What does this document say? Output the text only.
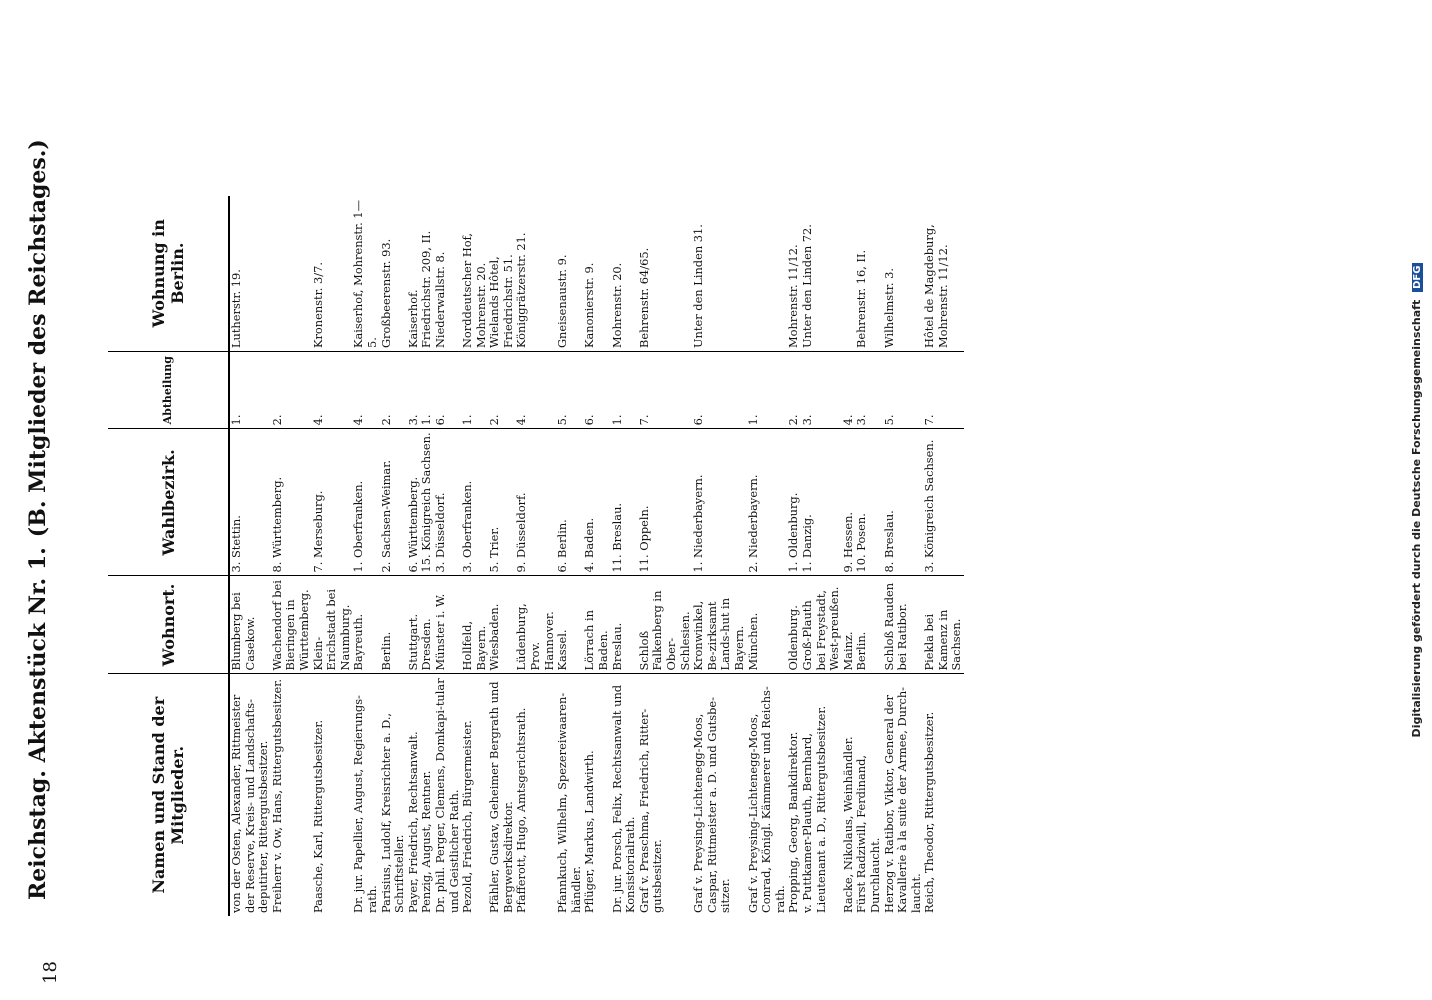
18
Reichstag. Aktenstück Nr. 1.
(B. Mitglieder des Reichstages.)
Namen und Stand der Mitglieder.	Wohnort.	Wahlbezirk.	Abtheilung	Wohnung in Berlin.
von der Osten, Alexander, Rittmeister der Reserve, Kreis- und Landschafts-deputirter, Rittergutsbesitzer.	Blumberg bei Casekow.	3. Stettin.	1.	Lutherstr. 19.
Freiherr v. Ow, Hans, Rittergutsbesitzer.	Wachendorf bei Bieringen in Württemberg.	8. Württemberg.	2.	
Paasche, Karl, Rittergutsbesitzer.	Klein-Erichstadt bei Naumburg.	7. Merseburg.	4.	Kronenstr. 3/7.
Dr. jur. Papellier, August, Regierungs-rath.	Bayreuth.	1. Oberfranken.	4.	Kaiserhof, Mohrenstr. 1—5.
Parisius, Ludolf, Kreisrichter a. D., Schriftsteller.	Berlin.	2. Sachsen-Weimar.	2.	Großbeerenstr. 93.
Payer, Friedrich, Rechtsanwalt.	Stuttgart.	6. Württemberg.	3.	Kaiserhof.
Penzig, August, Rentner.	Dresden.	15. Königreich Sachsen.	1.	Friedrichstr. 209, II.
Dr. phil. Perger, Clemens, Domkapi-tular und Geistlicher Rath.	Münster i. W.	3. Düsseldorf.	6.	Niederwallstr. 8.
Pezold, Friedrich, Bürgermeister.	Hollfeld, Bayern.	3. Oberfranken.	1.	Norddeutscher Hof, Mohrenstr. 20.
Pfähler, Gustav, Geheimer Bergrath und Bergwerksdirektor.	Wiesbaden.	5. Trier.	2.	Wielands Hôtel, Friedrichstr. 51.
Pfafferott, Hugo, Amtsgerichtsrath.	Lüdenburg, Prov. Hannover.	9. Düsseldorf.	4.	Königgrätzerstr. 21.
Pfannkuch, Wilhelm, Spezereiwaaren-händler.	Kassel.	6. Berlin.	5.	Gneisenaustr. 9.
Pflüger, Markus, Landwirth.	Lörrach in Baden.	4. Baden.	6.	Kanonierstr. 9.
Dr. jur. Porsch, Felix, Rechtsanwalt und Konsistorialrath.	Breslau.	11. Breslau.	1.	Mohrenstr. 20.
Graf v. Praschma, Friedrich, Ritter-gutsbesitzer.	Schloß Falkenberg in Ober-Schlesien.	11. Oppeln.	7.	Behrenstr. 64/65.
Graf v. Preysing-Lichtenegg-Moos, Caspar, Rittmeister a. D. und Gutsbe-sitzer.	Kronwinkel, Be-zirksamt Lands-hut in Bayern.	1. Niederbayern.	6.	Unter den Linden 31.
Graf v. Preysing-Lichtenegg-Moos, Conrad, Königl. Kämmerer und Reichs-rath.	München.	2. Niederbayern.	1.	
Propping, Georg, Bankdirektor.	Oldenburg.	1. Oldenburg.	2.	Mohrenstr. 11/12.
v. Puttkamer-Plauth, Bernhard, Lieutenant a. D., Rittergutsbesitzer.	Groß-Plauth bei Freystadt, West-preußen.	1. Danzig.	3.	Unter den Linden 72.
Racke, Nikolaus, Weinhändler.	Mainz.	9. Hessen.	4.	
Fürst Radziwill, Ferdinand, Durchlaucht.	Berlin.	10. Posen.	3.	Behrenstr. 16, II.
Herzog v. Ratibor, Viktor, General der Kavallerie à la suite der Armee, Durch-laucht.	Schloß Rauden bei Ratibor.	8. Breslau.	5.	Wilhelmstr. 3.
Reich, Theodor, Rittergutsbesitzer.	Piekla bei Kamenz in Sachsen.	3. Königreich Sachsen.	7.	Hôtel de Magdeburg, Mohrenstr. 11/12.
Digitalisierung gefördert durch die Deutsche Forschungsgemeinschaft DFG
